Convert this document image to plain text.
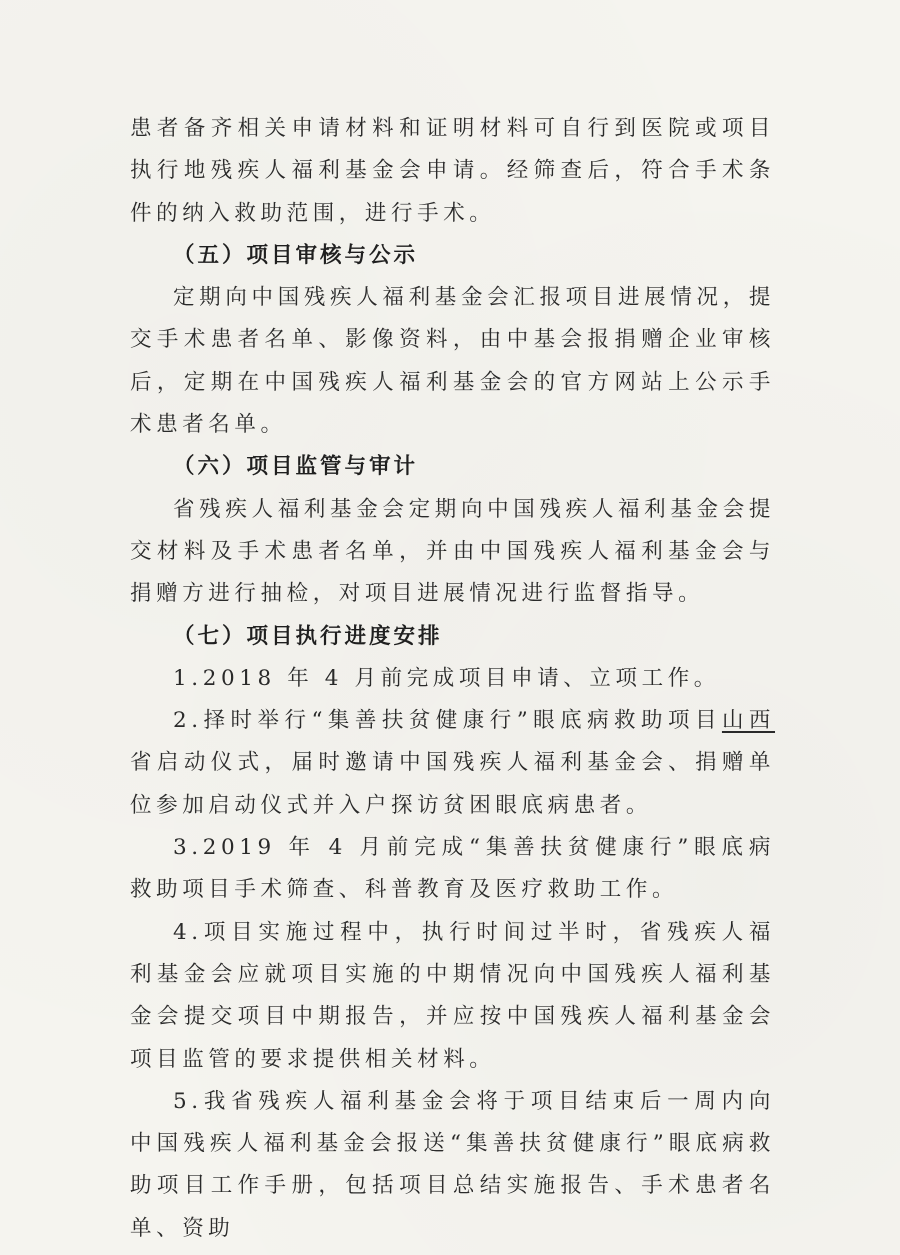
患者备齐相关申请材料和证明材料可自行到医院或项目执行地残疾人福利基金会申请。经筛查后，符合手术条件的纳入救助范围，进行手术。

（五）项目审核与公示

定期向中国残疾人福利基金会汇报项目进展情况，提交手术患者名单、影像资料，由中基会报捐赠企业审核后，定期在中国残疾人福利基金会的官方网站上公示手术患者名单。

（六）项目监管与审计

省残疾人福利基金会定期向中国残疾人福利基金会提交材料及手术患者名单，并由中国残疾人福利基金会与捐赠方进行抽检，对项目进展情况进行监督指导。

（七）项目执行进度安排

1.2018 年 4 月前完成项目申请、立项工作。

2.择时举行“集善扶贫健康行”眼底病救助项目山西省启动仪式，届时邀请中国残疾人福利基金会、捐赠单位参加启动仪式并入户探访贫困眼底病患者。

3.2019 年 4 月前完成“集善扶贫健康行”眼底病救助项目手术筛查、科普教育及医疗救助工作。

4.项目实施过程中，执行时间过半时，省残疾人福利基金会应就项目实施的中期情况向中国残疾人福利基金会提交项目中期报告，并应按中国残疾人福利基金会项目监管的要求提供相关材料。

5.我省残疾人福利基金会将于项目结束后一周内向中国残疾人福利基金会报送“集善扶贫健康行”眼底病救助项目工作手册，包括项目总结实施报告、手术患者名单、资助
